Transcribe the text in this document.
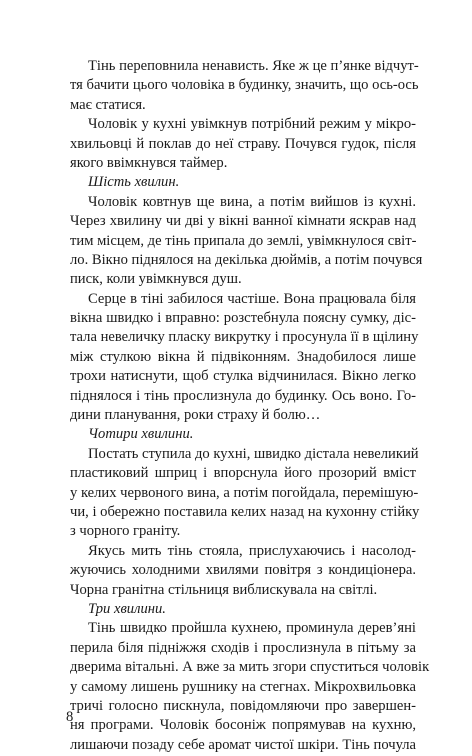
Тінь переповнила ненависть. Яке ж це п’янке відчут-
тя бачити цього чоловіка в будинку, значить, що ось-ось
має статися.
Чоловік у кухні увімкнув потрібний режим у мікро-
хвильовці й поклав до неї страву. Почувся гудок, після
якого ввімкнувся таймер.
Шість хвилин.
Чоловік ковтнув ще вина, а потім вийшов із кухні.
Через хвилину чи дві у вікні ванної кімнати яскрав над
тим місцем, де тінь припала до землі, увімкнулося світ-
ло. Вікно піднялося на декілька дюймів, а потім почувся
писк, коли увімкнувся душ.
Серце в тіні забилося частіше. Вона працювала біля
вікна швидко і вправно: розстебнула поясну сумку, діс-
тала невеличку пласку викрутку і просунула її в щілину
між стулкою вікна й підвіконням. Знадобилося лише
трохи натиснути, щоб стулка відчинилася. Вікно легко
піднялося і тінь прослизнула до будинку. Ось воно. Го-
дини планування, роки страху й болю…
Чотири хвилини.
Постать ступила до кухні, швидко дістала невеликий
пластиковий шприц і впорснула його прозорий вміст
у келих червоного вина, а потім погойдала, перемішую-
чи, і обережно поставила келих назад на кухонну стійку
з чорного граніту.
Якусь мить тінь стояла, прислухаючись і насолод-
жуючись холодними хвилями повітря з кондиціонера.
Чорна гранітна стільниця виблискувала на світлі.
Три хвилини.
Тінь швидко пройшла кухнею, проминула дерев’яні
перила біля підніжжя сходів і прослизнула в пітьму за
дверима вітальні. А вже за мить згори спуститься чоловік
у самому лишень рушнику на стегнах. Мікрохвильовка
тричі голосно пискнула, повідомляючи про завершен-
ня програми. Чоловік босоніж попрямував на кухню,
лишаючи позаду себе аромат чистої шкіри. Тінь почула
8
